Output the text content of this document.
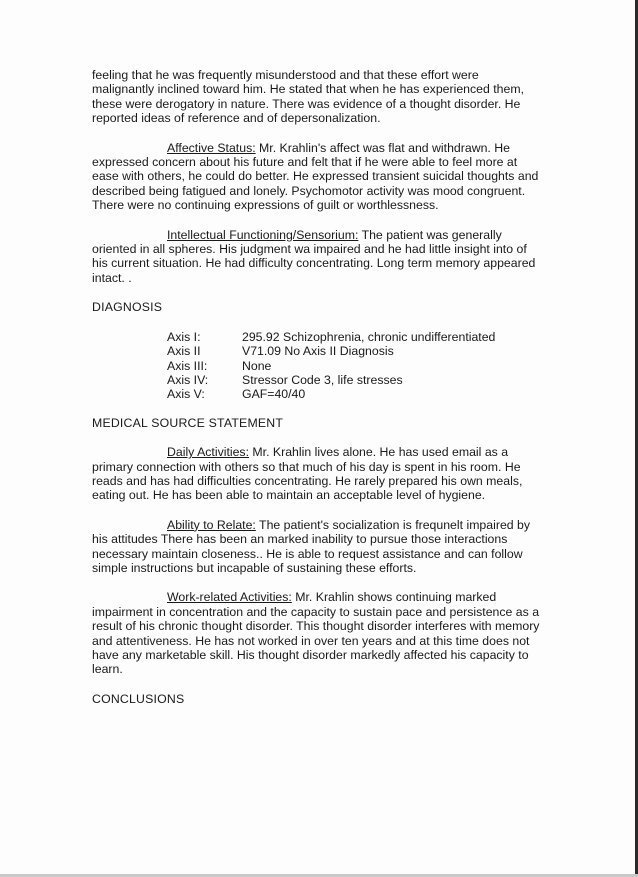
feeling that he was frequently misunderstood and that these effort were malignantly inclined toward him. He stated that when he has experienced them, these were derogatory in nature. There was evidence of a thought disorder. He reported ideas of reference and of depersonalization.

Affective Status: Mr. Krahlin's affect was flat and withdrawn. He expressed concern about his future and felt that if he were able to feel more at ease with others, he could do better. He expressed transient suicidal thoughts and described being fatigued and lonely. Psychomotor activity was mood congruent. There were no continuing expressions of guilt or worthlessness.

Intellectual Functioning/Sensorium: The patient was generally oriented in all spheres. His judgment wa impaired and he had little insight into of his current situation. He had difficulty concentrating. Long term memory appeared intact. .

DIAGNOSIS
Axis I:	295.92 Schizophrenia, chronic undifferentiated
Axis II	V71.09 No Axis II Diagnosis
Axis III:	None
Axis IV:	Stressor Code 3, life stresses
Axis V:	GAF=40/40
MEDICAL SOURCE STATEMENT

Daily Activities: Mr. Krahlin lives alone. He has used email as a primary connection with others so that much of his day is spent in his room. He reads and has had difficulties concentrating. He rarely prepared his own meals, eating out. He has been able to maintain an acceptable level of hygiene.

Ability to Relate: The patient's socialization is frequnelt impaired by his attitudes There has been an marked inability to pursue those interactions necessary maintain closeness.. He is able to request assistance and can follow simple instructions but incapable of sustaining these efforts.

Work-related Activities: Mr. Krahlin shows continuing marked impairment in concentration and the capacity to sustain pace and persistence as a result of his chronic thought disorder. This thought disorder interferes with memory and attentiveness. He has not worked in over ten years and at this time does not have any marketable skill. His thought disorder markedly affected his capacity to learn.

CONCLUSIONS
